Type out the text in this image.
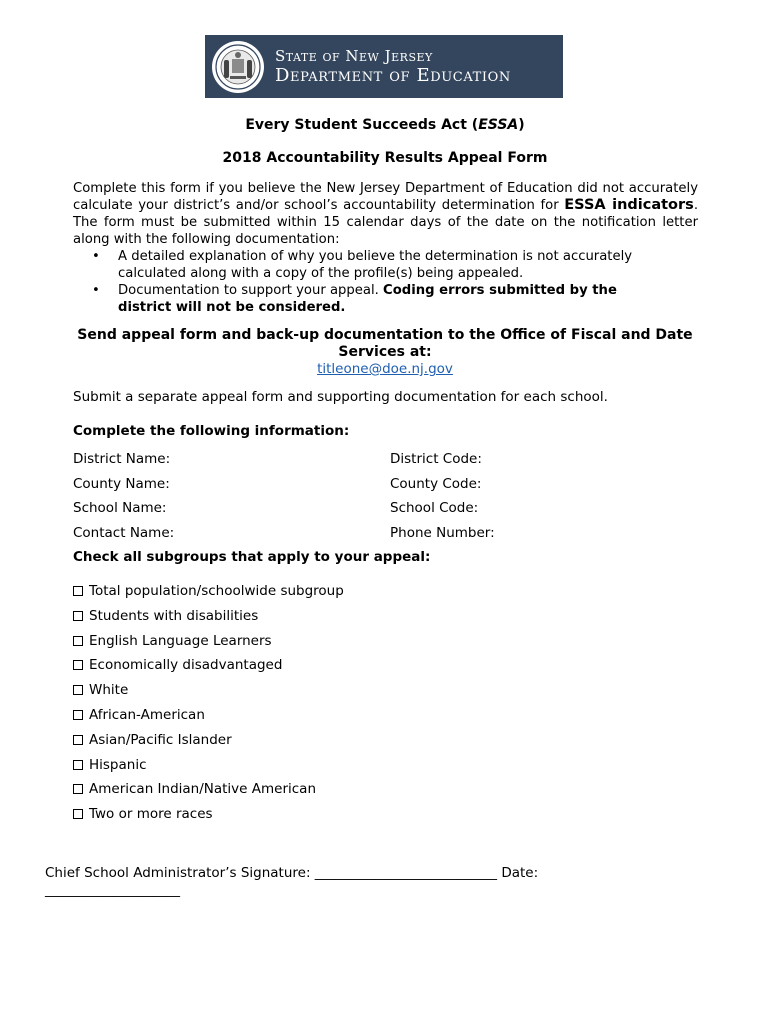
State of New Jersey
Department of Education
Every Student Succeeds Act (ESSA)
2018 Accountability Results Appeal Form
Complete this form if you believe the New Jersey Department of Education did not accurately calculate your district’s and/or school’s accountability determination for ESSA indicators. The form must be submitted within 15 calendar days of the date on the notification letter along with the following documentation:
•	A detailed explanation of why you believe the determination is not accurately calculated along with a copy of the profile(s) being appealed.
•	Documentation to support your appeal. Coding errors submitted by the district will not be considered.
Send appeal form and back-up documentation to the Office of Fiscal and Date
Services at:
titleone@doe.nj.gov
Submit a separate appeal form and supporting documentation for each school.
Complete the following information:
District Name:
County Name:
School Name:
Contact Name:
District Code:
County Code:
School Code:
Phone Number:
Check all subgroups that apply to your appeal:
Total population/schoolwide subgroup
Students with disabilities
English Language Learners
Economically disadvantaged
White
African-American
Asian/Pacific Islander
Hispanic
American Indian/Native American
Two or more races
Chief School Administrator’s Signature: ___________________________ Date:
____________________
